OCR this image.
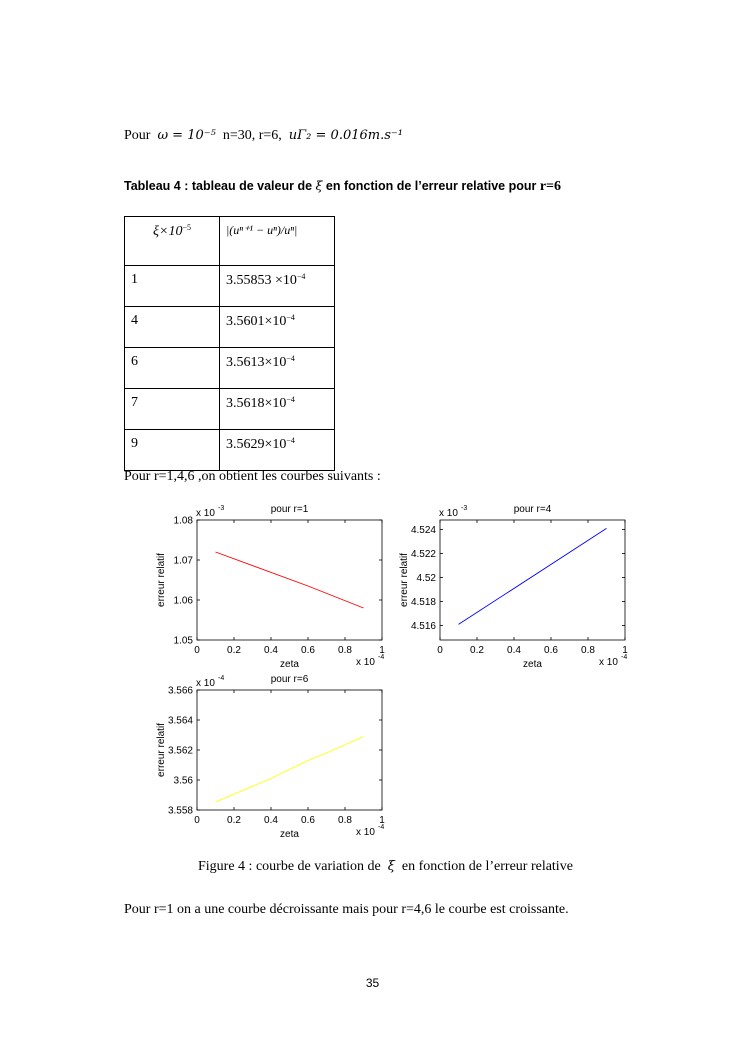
Pour ω = 10⁻⁵ n=30, r=6, uΓ₂ = 0.016m.s⁻¹
Tableau 4 : tableau de valeur de ξ en fonction de l’erreur relative pour r=6
$\xi\times 10^{-5}$	|(uⁿ⁺¹ − uⁿ)/uⁿ|
1	$3.55853 \times 10^{-4}$
4	$3.5601\times 10^{-4}$
6	$3.5613\times 10^{-4}$
7	$3.5618\times 10^{-4}$
9	$3.5629\times 10^{-4}$
Pour r=1,4,6 ,on obtient les courbes suivants :
0	0.2 0.4 0.6 0.8	1
1.05
1.06
1.07
1.08
pour r=1
x 10 -3
x 10 -4
zeta
erreur relatif
0	0.2 0.4 0.6 0.8	1
4.516
4.518
4.52
4.522
4.524
pour r=4
x 10 -3
x 10 -4
zeta
erreur relatif
0	0.2 0.4 0.6 0.8	1
3.558
3.56
3.562
3.564
3.566
pour r=6
x 10 -4
x 10 -4
zeta
erreur relatif
Figure 4 : courbe de variation de ξ en fonction de l’erreur relative
Pour r=1 on a une courbe décroissante mais pour r=4,6 le courbe est croissante.
35
